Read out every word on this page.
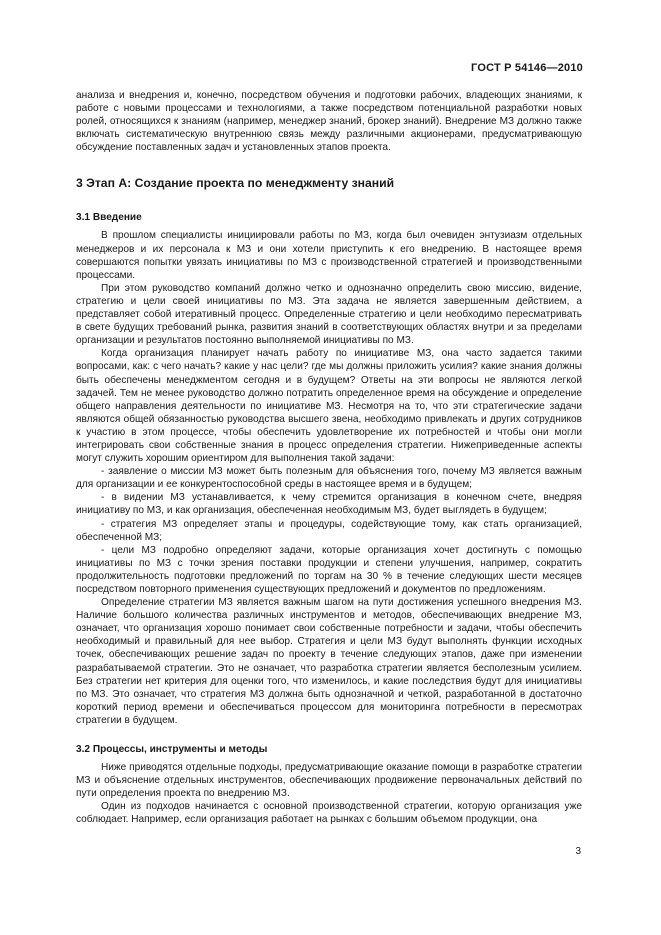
ГОСТ Р 54146—2010

анализа и внедрения и, конечно, посредством обучения и подготовки рабочих, владеющих знаниями, к работе с новыми процессами и технологиями, а также посредством потенциальной разработки новых ролей, относящихся к знаниям (например, менеджер знаний, брокер знаний). Внедрение МЗ должно также включать систематическую внутреннюю связь между различными акционерами, предусматривающую обсуждение поставленных задач и установленных этапов проекта.

3 Этап А: Создание проекта по менеджменту знаний
3.1 Введение

В прошлом специалисты инициировали работы по МЗ, когда был очевиден энтузиазм отдельных менеджеров и их персонала к МЗ и они хотели приступить к его внедрению. В настоящее время совершаются попытки увязать инициативы по МЗ с производственной стратегией и производственными процессами.

При этом руководство компаний должно четко и однозначно определить свою миссию, видение, стратегию и цели своей инициативы по МЗ. Эта задача не является завершенным действием, а представляет собой итеративный процесс. Определенные стратегию и цели необходимо пересматривать в свете будущих требований рынка, развития знаний в соответствующих областях внутри и за пределами организации и результатов постоянно выполняемой инициативы по МЗ.

Когда организация планирует начать работу по инициативе МЗ, она часто задается такими вопросами, как: с чего начать? какие у нас цели? где мы должны приложить усилия? какие знания должны быть обеспечены менеджментом сегодня и в будущем? Ответы на эти вопросы не являются легкой задачей. Тем не менее руководство должно потратить определенное время на обсуждение и определение общего направления деятельности по инициативе МЗ. Несмотря на то, что эти стратегические задачи являются общей обязанностью руководства высшего звена, необходимо привлекать и других сотрудников к участию в этом процессе, чтобы обеспечить удовлетворение их потребностей и чтобы они могли интегрировать свои собственные знания в процесс определения стратегии. Нижеприведенные аспекты могут служить хорошим ориентиром для выполнения такой задачи:

- заявление о миссии МЗ может быть полезным для объяснения того, почему МЗ является важным для организации и ее конкурентоспособной среды в настоящее время и в будущем;

- в видении МЗ устанавливается, к чему стремится организация в конечном счете, внедряя инициативу по МЗ, и как организация, обеспеченная необходимым МЗ, будет выглядеть в будущем;

- стратегия МЗ определяет этапы и процедуры, содействующие тому, как стать организацией, обеспеченной МЗ;

- цели МЗ подробно определяют задачи, которые организация хочет достигнуть с помощью инициативы по МЗ с точки зрения поставки продукции и степени улучшения, например, сократить продолжительность подготовки предложений по торгам на 30 % в течение следующих шести месяцев посредством повторного применения существующих предложений и документов по предложениям.

Определение стратегии МЗ является важным шагом на пути достижения успешного внедрения МЗ. Наличие большого количества различных инструментов и методов, обеспечивающих внедрение МЗ, означает, что организация хорошо понимает свои собственные потребности и задачи, чтобы обеспечить необходимый и правильный для нее выбор. Стратегия и цели МЗ будут выполнять функции исходных точек, обеспечивающих решение задач по проекту в течение следующих этапов, даже при изменении разрабатываемой стратегии. Это не означает, что разработка стратегии является бесполезным усилием. Без стратегии нет критерия для оценки того, что изменилось, и какие последствия будут для инициативы по МЗ. Это означает, что стратегия МЗ должна быть однозначной и четкой, разработанной в достаточно короткий период времени и обеспечиваться процессом для мониторинга потребности в пересмотрах стратегии в будущем.

3.2 Процессы, инструменты и методы

Ниже приводятся отдельные подходы, предусматривающие оказание помощи в разработке стратегии МЗ и объяснение отдельных инструментов, обеспечивающих продвижение первоначальных действий по пути определения проекта по внедрению МЗ.

Один из подходов начинается с основной производственной стратегии, которую организация уже соблюдает. Например, если организация работает на рынках с большим объемом продукции, она

3
